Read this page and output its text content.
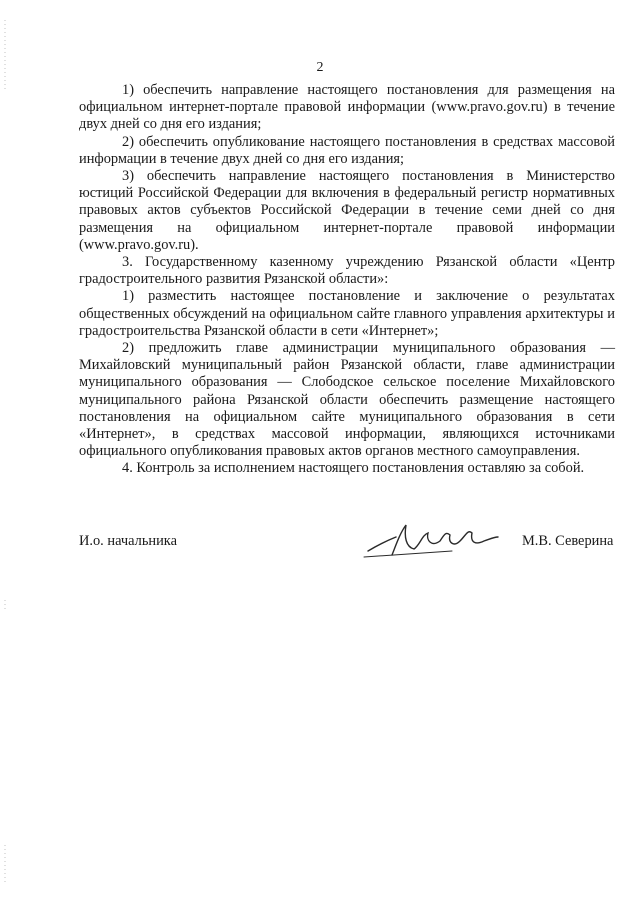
2

1) обеспечить направление настоящего постановления для размещения на официальном интернет-портале правовой информации (www.pravo.gov.ru) в течение двух дней со дня его издания;

2) обеспечить опубликование настоящего постановления в средствах массовой информации в течение двух дней со дня его издания;

3) обеспечить направление настоящего постановления в Министерство юстиций Российской Федерации для включения в федеральный регистр нормативных правовых актов субъектов Российской Федерации в течение семи дней со дня размещения на официальном интернет-портале правовой информации (www.pravo.gov.ru).

3. Государственному казенному учреждению Рязанской области «Центр градостроительного развития Рязанской области»:

1) разместить настоящее постановление и заключение о результатах общественных обсуждений на официальном сайте главного управления архитектуры и градостроительства Рязанской области в сети «Интернет»;

2) предложить главе администрации муниципального образования — Михайловский муниципальный район Рязанской области, главе администрации муниципального образования — Слободское сельское поселение Михайловского муниципального района Рязанской области обеспечить размещение настоящего постановления на официальном сайте муниципального образования в сети «Интернет», в средствах массовой информации, являющихся источниками официального опубликования правовых актов органов местного самоуправления.

4. Контроль за исполнением настоящего постановления оставляю за собой.

И.о. начальника	М.В. Северина
